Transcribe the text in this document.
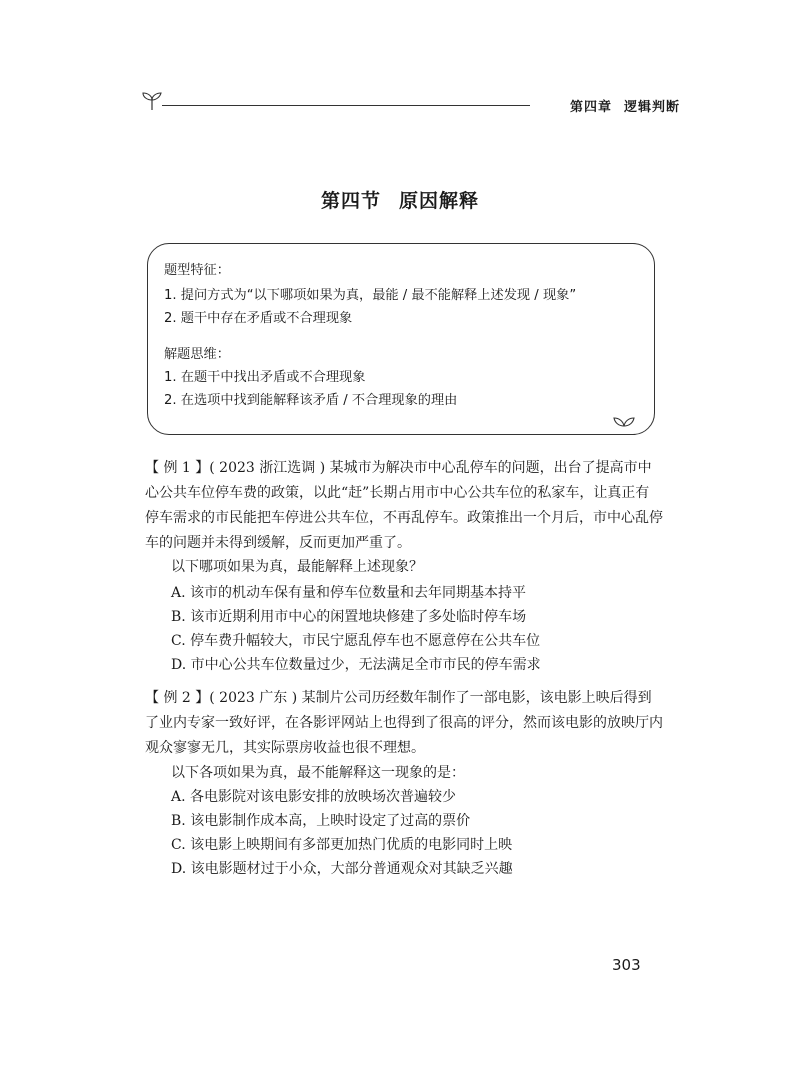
第四章 逻辑判断
第四节 原因解释
题型特征：
1. 提问方式为“以下哪项如果为真，最能 / 最不能解释上述发现 / 现象”
2. 题干中存在矛盾或不合理现象
解题思维：
1. 在题干中找出矛盾或不合理现象
2. 在选项中找到能解释该矛盾 / 不合理现象的理由
【 例 1 】( 2023 浙江选调 ) 某城市为解决市中心乱停车的问题，出台了提高市中
心公共车位停车费的政策，以此“赶”长期占用市中心公共车位的私家车，让真正有
停车需求的市民能把车停进公共车位，不再乱停车。政策推出一个月后，市中心乱停
车的问题并未得到缓解，反而更加严重了。
以下哪项如果为真，最能解释上述现象？
A. 该市的机动车保有量和停车位数量和去年同期基本持平
B. 该市近期利用市中心的闲置地块修建了多处临时停车场
C. 停车费升幅较大，市民宁愿乱停车也不愿意停在公共车位
D. 市中心公共车位数量过少，无法满足全市市民的停车需求
【 例 2 】( 2023 广东 ) 某制片公司历经数年制作了一部电影，该电影上映后得到
了业内专家一致好评，在各影评网站上也得到了很高的评分，然而该电影的放映厅内
观众寥寥无几，其实际票房收益也很不理想。
以下各项如果为真，最不能解释这一现象的是：
A. 各电影院对该电影安排的放映场次普遍较少
B. 该电影制作成本高，上映时设定了过高的票价
C. 该电影上映期间有多部更加热门优质的电影同时上映
D. 该电影题材过于小众，大部分普通观众对其缺乏兴趣
303
